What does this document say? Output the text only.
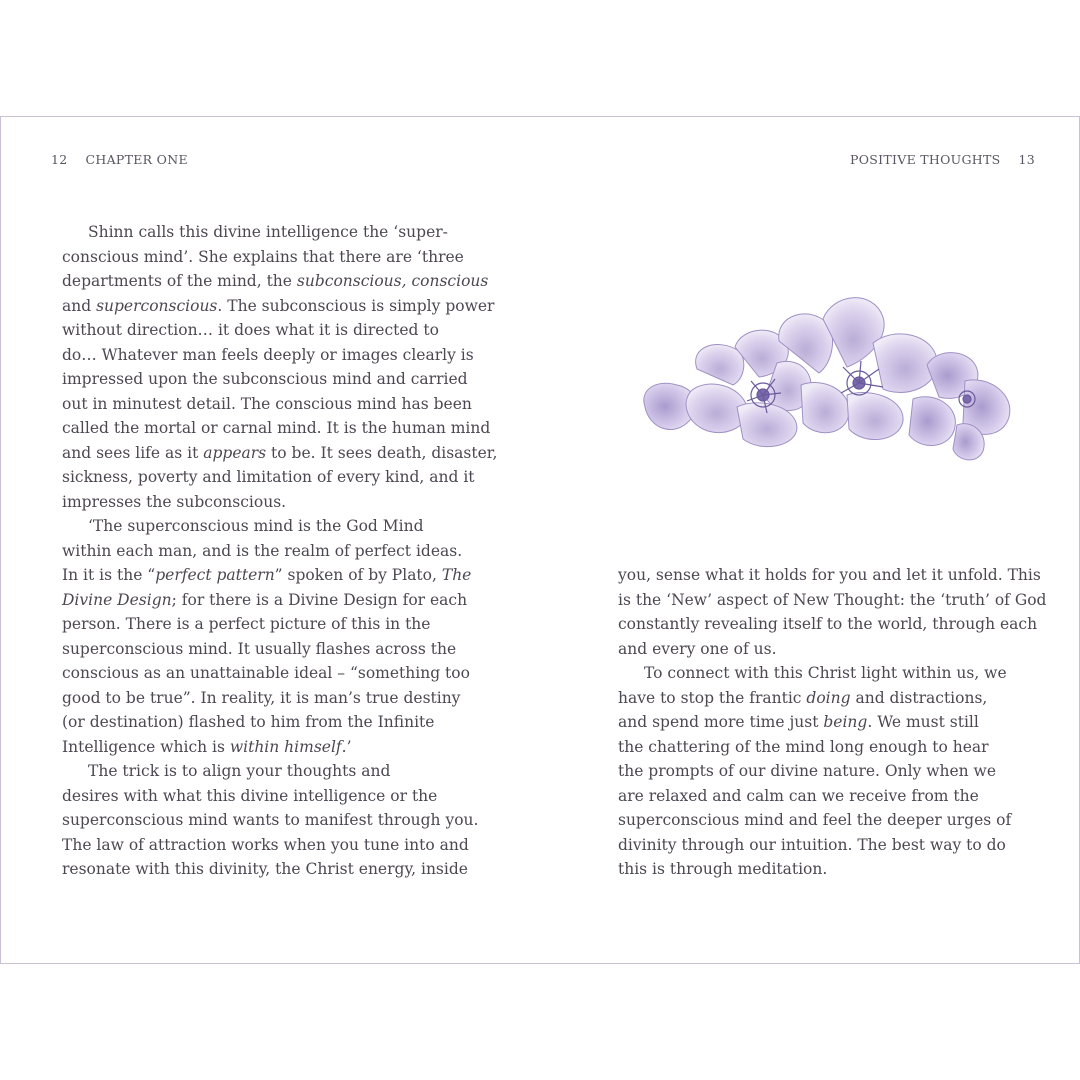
12 CHAPTER ONE	POSITIVE THOUGHTS 13
Shinn calls this divine intelligence the ‘super-
conscious mind’. She explains that there are ‘three
departments of the mind, the subconscious, conscious
and superconscious. The subconscious is simply power
without direction… it does what it is directed to
do… Whatever man feels deeply or images clearly is
impressed upon the subconscious mind and carried
out in minutest detail. The conscious mind has been
called the mortal or carnal mind. It is the human mind
and sees life as it appears to be. It sees death, disaster,
sickness, poverty and limitation of every kind, and it
impresses the subconscious.
‘The superconscious mind is the God Mind
within each man, and is the realm of perfect ideas.
In it is the “perfect pattern” spoken of by Plato, The
Divine Design; for there is a Divine Design for each
person. There is a perfect picture of this in the
superconscious mind. It usually flashes across the
conscious as an unattainable ideal – “something too
good to be true”. In reality, it is man’s true destiny
(or destination) flashed to him from the Infinite
Intelligence which is within himself.’
The trick is to align your thoughts and
desires with what this divine intelligence or the
superconscious mind wants to manifest through you.
The law of attraction works when you tune into and
resonate with this divinity, the Christ energy, inside
you, sense what it holds for you and let it unfold. This
is the ‘New’ aspect of New Thought: the ‘truth’ of God
constantly revealing itself to the world, through each
and every one of us.
To connect with this Christ light within us, we
have to stop the frantic doing and distractions,
and spend more time just being. We must still
the chattering of the mind long enough to hear
the prompts of our divine nature. Only when we
are relaxed and calm can we receive from the
superconscious mind and feel the deeper urges of
divinity through our intuition. The best way to do
this is through meditation.
